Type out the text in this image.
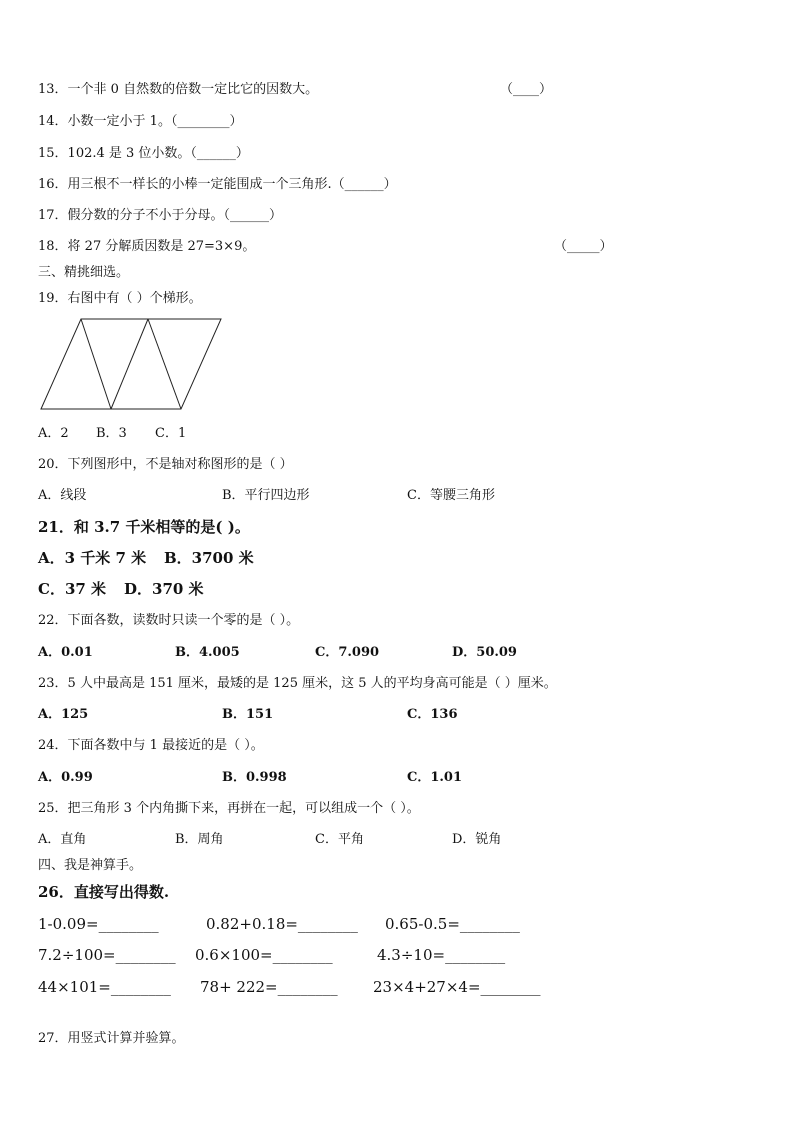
13．一个非 0 自然数的倍数一定比它的因数大。	（____）
14．小数一定小于 1。（________）
15．102.4 是 3 位小数。（______）
16．用三根不一样长的小棒一定能围成一个三角形.（______）
17．假分数的分子不小于分母。（______）
18．将 27 分解质因数是 27=3×9。	（_____）
三、精挑细选。
19．右图中有（ ）个梯形。
A．2 B．3 C．1
20．下列图形中，不是轴对称图形的是（ ）
A．线段	B．平行四边形	C．等腰三角形
21．和 3.7 千米相等的是( )。
A．3 千米 7 米 B．3700 米
C．37 米 D．370 米
22．下面各数，读数时只读一个零的是（ ）。
A．0.01	B．4.005	C．7.090	D．50.09
23．5 人中最高是 151 厘米，最矮的是 125 厘米，这 5 人的平均身高可能是（ ）厘米。
A．125	B．151	C．136
24．下面各数中与 1 最接近的是（ ）。
A．0.99	B．0.998	C．1.01
25．把三角形 3 个内角撕下来，再拼在一起，可以组成一个（ ）。
A．直角	B．周角	C．平角	D．锐角
四、我是神算手。
26．直接写出得数.
1-0.09=________	0.82+0.18=________ 0.65-0.5=________
7.2÷100=________ 0.6×100=________	4.3÷10=________
44×101=________ 78+ 222=________ 23×4+27×4=________
27．用竖式计算并验算。
